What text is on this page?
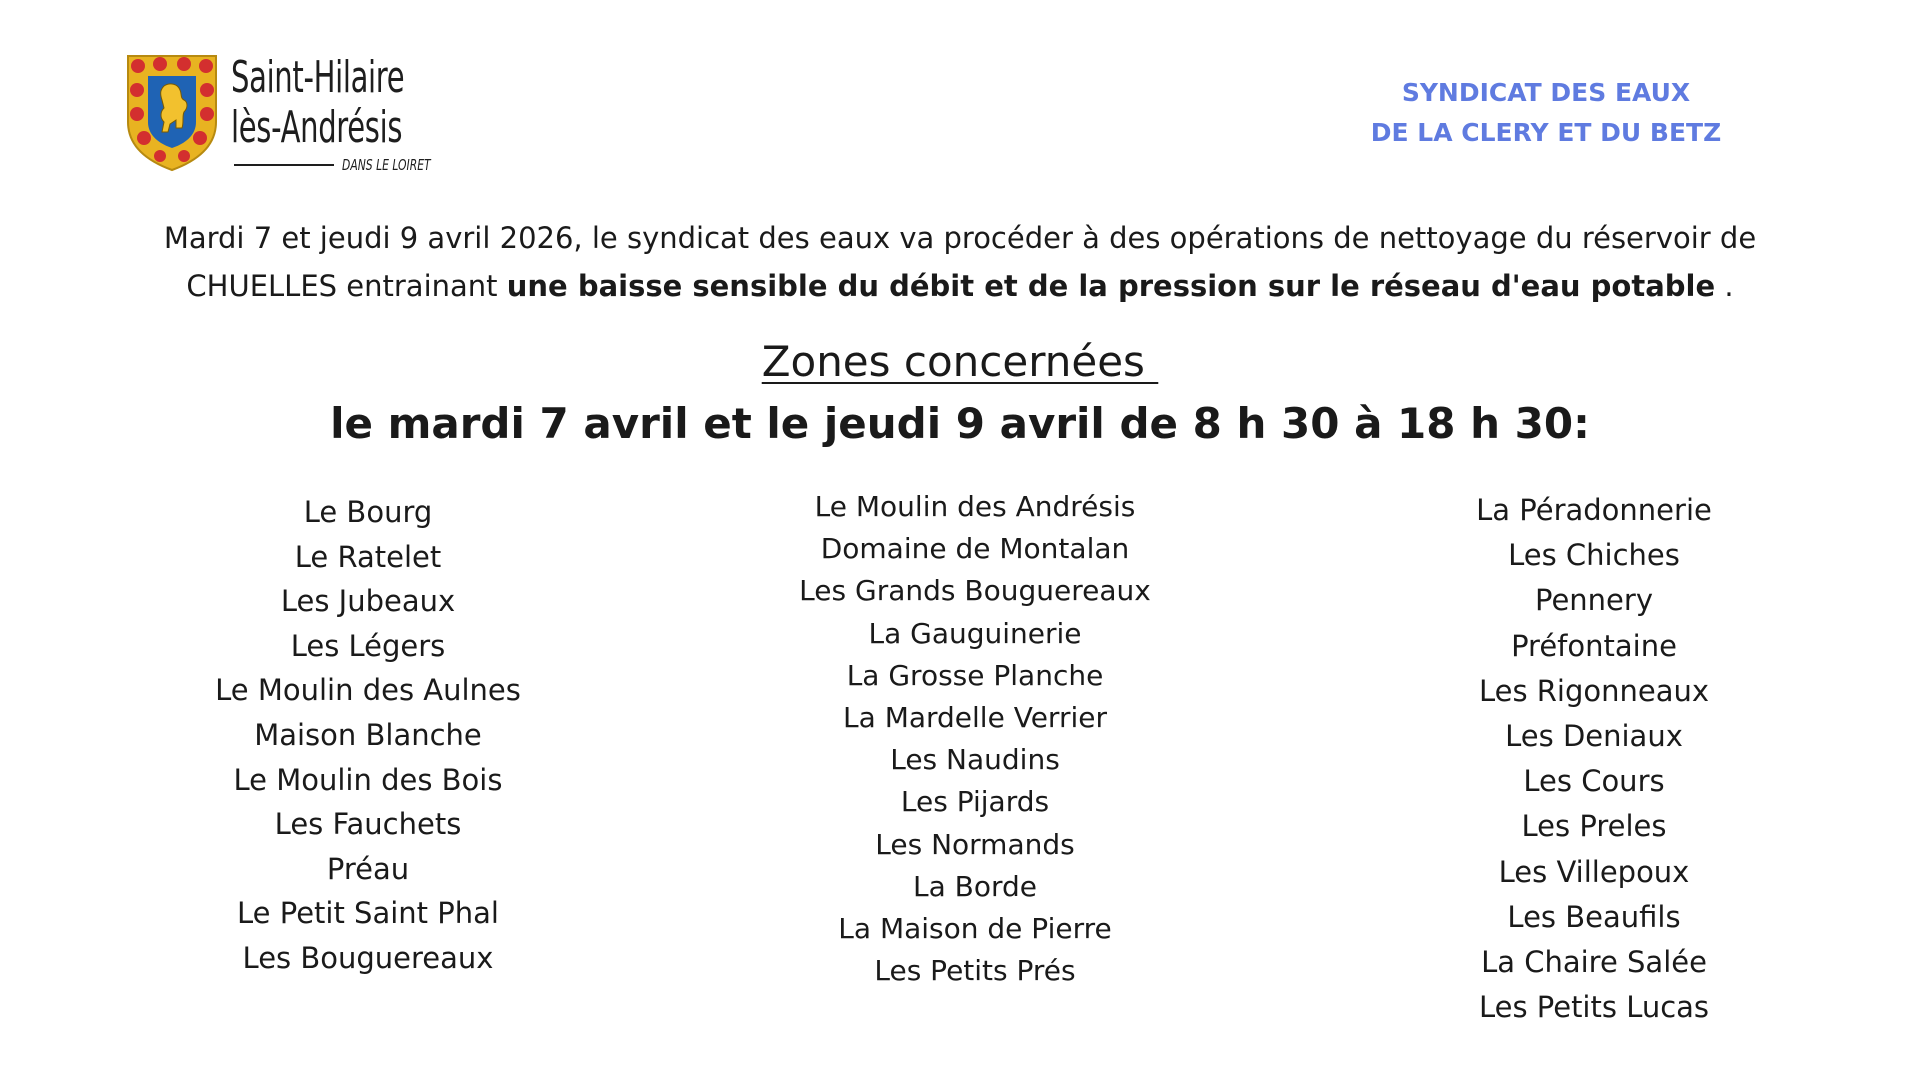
Saint-Hilaire
lès-Andrésis
DANS LE LOIRET
SYNDICAT DES EAUX
DE LA CLERY ET DU BETZ
Mardi 7 et jeudi 9 avril 2026, le syndicat des eaux va procéder à des opérations de nettoyage du réservoir de CHUELLES entrainant une baisse sensible du débit et de la pression sur le réseau d'eau potable .
Zones concernées
le mardi 7 avril et le jeudi 9 avril de 8 h 30 à 18 h 30:
Le Bourg
Le Ratelet
Les Jubeaux
Les Légers
Le Moulin des Aulnes
Maison Blanche
Le Moulin des Bois
Les Fauchets
Préau
Le Petit Saint Phal
Les Bouguereaux
Le Moulin des Andrésis
Domaine de Montalan
Les Grands Bouguereaux
La Gauguinerie
La Grosse Planche
La Mardelle Verrier
Les Naudins
Les Pijards
Les Normands
La Borde
La Maison de Pierre
Les Petits Prés
La Péradonnerie
Les Chiches
Pennery
Préfontaine
Les Rigonneaux
Les Deniaux
Les Cours
Les Preles
Les Villepoux
Les Beaufils
La Chaire Salée
Les Petits Lucas
